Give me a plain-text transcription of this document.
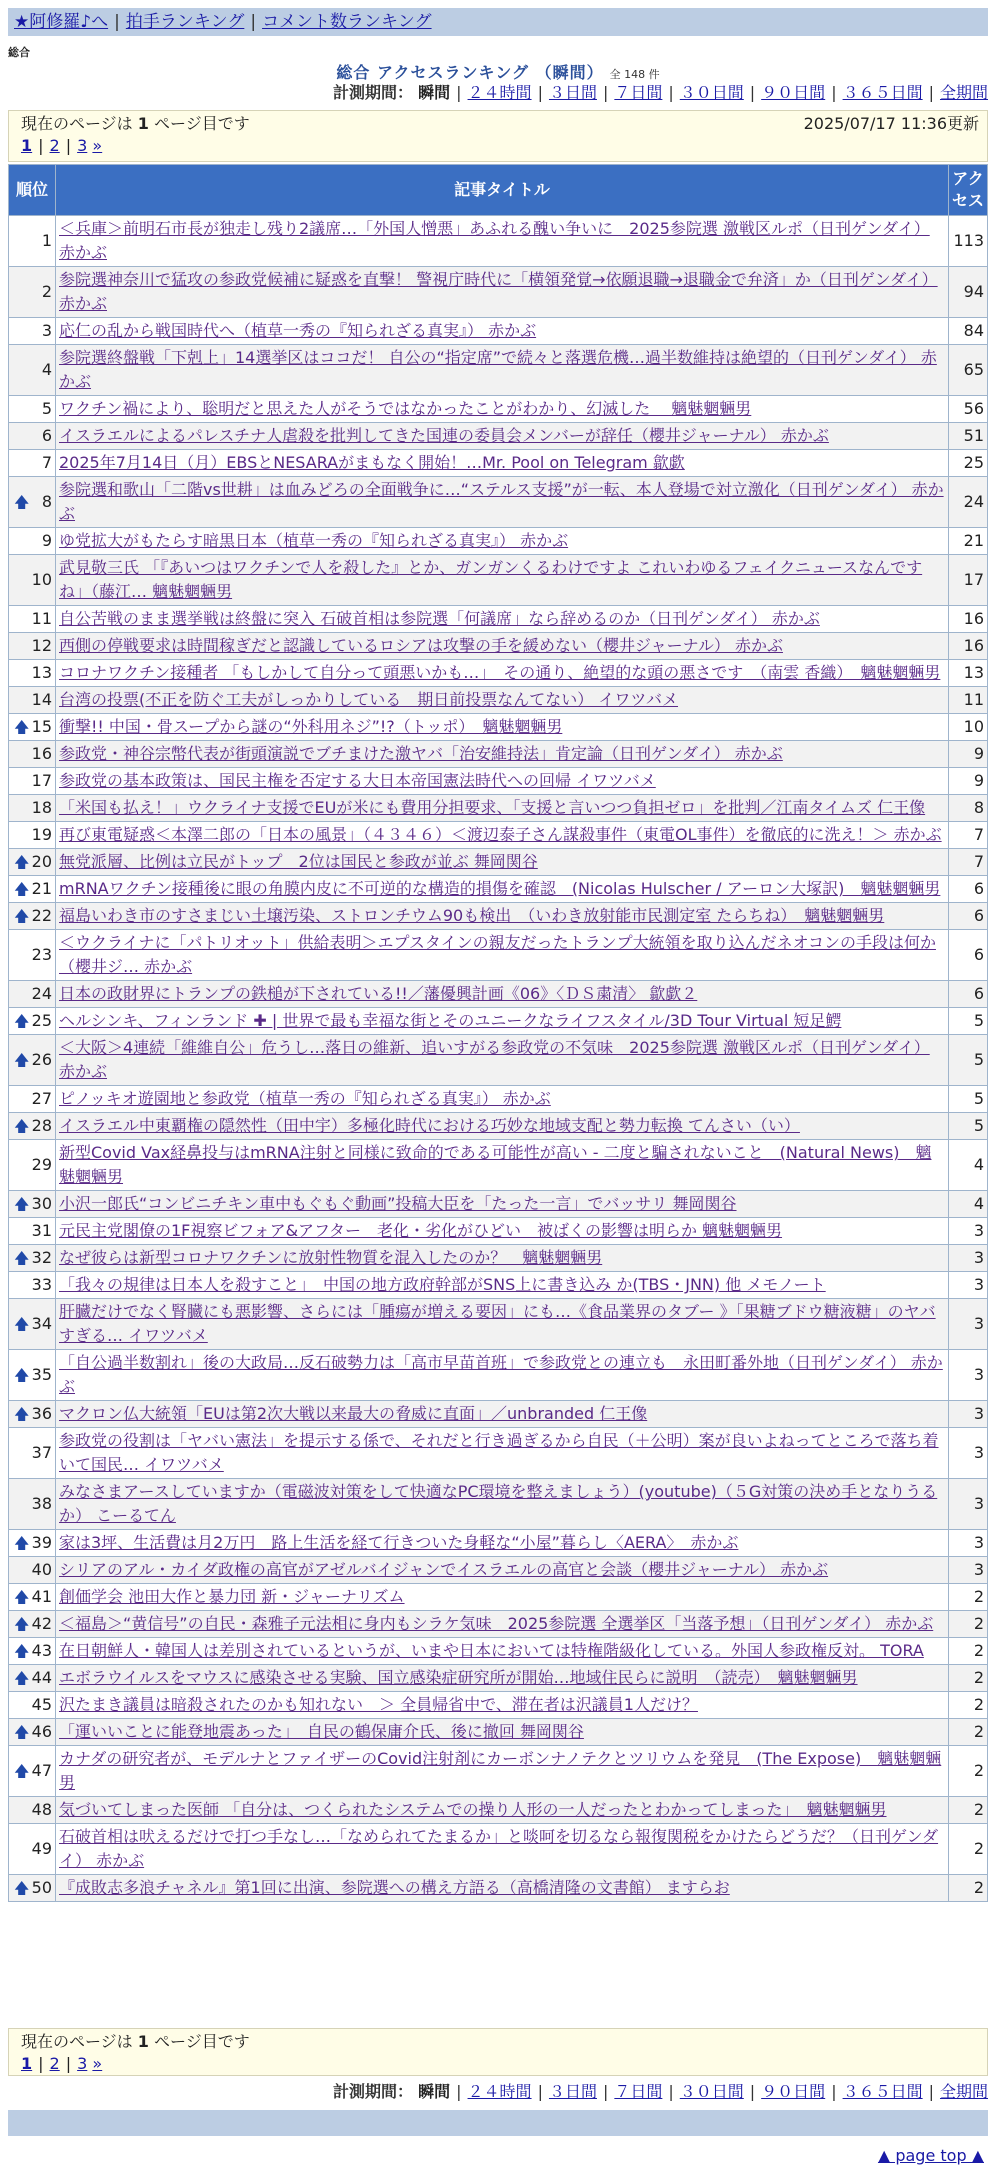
★阿修羅♪へ | 拍手ランキング | コメント数ランキング
総合
総合 アクセスランキング （瞬間） 全 148 件
計測期間： 瞬間 | ２４時間 | ３日間 | ７日間 | ３０日間 | ９０日間 | ３６５日間 | 全期間
現在のページは 1 ページ目です	2025/07/17 11:36更新
1 | 2 | 3 »
順位	記事タイトル	アクセス
1	＜兵庫＞前明石市長が独走し残り2議席…「外国人憎悪」あふれる醜い争いに　2025参院選 激戦区ルポ（日刊ゲンダイ） 赤かぶ	113
2	参院選神奈川で猛攻の参政党候補に疑惑を直撃！ 警視庁時代に「横領発覚→依願退職→退職金で弁済」か（日刊ゲンダイ） 赤かぶ	94
3	応仁の乱から戦国時代へ（植草一秀の『知られざる真実』） 赤かぶ	84
4	参院選終盤戦「下剋上」14選挙区はココだ！ 自公の“指定席”で続々と落選危機…過半数維持は絶望的（日刊ゲンダイ） 赤かぶ	65
5	ワクチン禍により、聡明だと思えた人がそうではなかったことがわかり、幻滅した　 魑魅魍魎男	56
6	イスラエルによるパレスチナ人虐殺を批判してきた国連の委員会メンバーが辞任（櫻井ジャーナル） 赤かぶ	51
7	2025年7月14日（月）EBSとNESARAがまもなく開始！…Mr. Pool on Telegram 歙歔	25

🡅 8	参院選和歌山「二階vs世耕」は血みどろの全面戦争に…“ステルス支援”が一転、本人登場で対立激化（日刊ゲンダイ） 赤かぶ	24
9	ゆ党拡大がもたらす暗黒日本（植草一秀の『知られざる真実』） 赤かぶ	21
10	武見敬三氏 「『あいつはワクチンで人を殺した』とか、ガンガンくるわけですよ これいわゆるフェイクニュースなんですね」（藤江… 魑魅魍魎男	17
11	自公苦戦のまま選挙戦は終盤に突入 石破首相は参院選「何議席」なら辞めるのか（日刊ゲンダイ） 赤かぶ	16
12	西側の停戦要求は時間稼ぎだと認識しているロシアは攻撃の手を緩めない（櫻井ジャーナル） 赤かぶ	16
13	コロナワクチン接種者 「もしかして自分って頭悪いかも…」　その通り、絶望的な頭の悪さです　（南雲 香織）　魑魅魍魎男	13
14	台湾の投票(不正を防ぐ工夫がしっかりしている　期日前投票なんてない） イワツバメ	11

🡅 15	衝撃!! 中国・骨スープから謎の“外科用ネジ”!?（トッポ）　魑魅魍魎男	10
16	参政党・神谷宗幣代表が街頭演説でブチまけた激ヤバ「治安維持法」肯定論（日刊ゲンダイ） 赤かぶ	9
17	参政党の基本政策は、国民主権を否定する大日本帝国憲法時代への回帰 イワツバメ	9
18	「米国も払え！」ウクライナ支援でEUが米にも費用分担要求、「支援と言いつつ負担ゼロ」を批判／江南タイムズ 仁王像	8
19	再び東電疑惑＜本澤二郎の「日本の風景」（４３４６）＜渡辺泰子さん謀殺事件（東電OL事件）を徹底的に洗え！＞ 赤かぶ	7

🡅 20	無党派層、比例は立民がトップ　2位は国民と参政が並ぶ 舞岡関谷	7

🡅 21	mRNAワクチン接種後に眼の角膜内皮に不可逆的な構造的損傷を確認　(Nicolas Hulscher / アーロン大塚訳)　魑魅魍魎男	6

🡅 22	福島いわき市のすさまじい土壌汚染、ストロンチウム90も検出　（いわき放射能市民測定室 たらちね）　魑魅魍魎男	6
23	＜ウクライナに「パトリオット」供給表明＞エプスタインの親友だったトランプ大統領を取り込んだネオコンの手段は何か（櫻井ジ… 赤かぶ	6
24	日本の政財界にトランプの鉄槌が下されている!!／藩優興計画《06》〈ＤＳ粛清〉 歙歔２	6

🡅 25	ヘルシンキ、フィンランド ✚ | 世界で最も幸福な街とそのユニークなライフスタイル/3D Tour Virtual 短足鰐	5

🡅 26	＜大阪＞4連続「維維自公」危うし…落日の維新、追いすがる参政党の不気味　2025参院選 激戦区ルポ（日刊ゲンダイ） 赤かぶ	5
27	ピノッキオ遊園地と参政党（植草一秀の『知られざる真実』） 赤かぶ	5

🡅 28	イスラエル中東覇権の隠然性（田中宇）多極化時代における巧妙な地域支配と勢力転換 てんさい（い）	5
29	新型Covid Vax経鼻投与はmRNA注射と同様に致命的である可能性が高い - 二度と騙されないこと　(Natural News)　魑魅魍魎男	4

🡅 30	小沢一郎氏“コンビニチキン車中もぐもぐ動画”投稿大臣を「たった一言」でバッサリ 舞岡関谷	4
31	元民主党閣僚の1F視察ビフォア&アフター　老化・劣化がひどい　被ばくの影響は明らか 魑魅魍魎男	3

🡅 32	なぜ彼らは新型コロナワクチンに放射性物質を混入したのか？　魑魅魍魎男	3
33	「我々の規律は日本人を殺すこと」　中国の地方政府幹部がSNS上に書き込み か(TBS・JNN) 他 メモノート	3

🡅 34	肝臓だけでなく腎臓にも悪影響、さらには「腫瘍が増える要因」にも…《食品業界のタブー 》「果糖ブドウ糖液糖」のヤバすぎる… イワツバメ	3

🡅 35	「自公過半数割れ」後の大政局…反石破勢力は「高市早苗首班」で参政党との連立も　永田町番外地（日刊ゲンダイ） 赤かぶ	3

🡅 36	マクロン仏大統領「EUは第2次大戦以来最大の脅威に直面」／unbranded 仁王像	3
37	参政党の役割は「ヤバい憲法」を提示する係で、それだと行き過ぎるから自民（＋公明）案が良いよねってところで落ち着いて国民… イワツバメ	3
38	みなさまアースしていますか（電磁波対策をして快適なPC環境を整えましょう）(youtube)（５G対策の決め手となりうるか） こーるてん	3

🡅 39	家は3坪、生活費は月2万円　路上生活を経て行きついた身軽な“小屋”暮らし〈AERA〉　赤かぶ	3
40	シリアのアル・カイダ政権の高官がアゼルバイジャンでイスラエルの高官と会談（櫻井ジャーナル） 赤かぶ	3

🡅 41	創価学会 池田大作と暴力団 新・ジャーナリズム	2

🡅 42	＜福島＞“黄信号”の自民・森雅子元法相に身内もシラケ気味　2025参院選 全選挙区「当落予想」（日刊ゲンダイ） 赤かぶ	2

🡅 43	在日朝鮮人・韓国人は差別されているというが、いまや日本においては特権階級化している。外国人参政権反対。 TORA	2

🡅 44	エボラウイルスをマウスに感染させる実験、国立感染症研究所が開始…地域住民らに説明　（読売）　魑魅魍魎男	2
45	沢たまき議員は暗殺されたのかも知れない　＞ 全員帰省中で、滞在者は沢議員1人だけ？	2

🡅 46	「運いいことに能登地震あった」　自民の鶴保庸介氏、後に撤回 舞岡関谷	2

🡅 47	カナダの研究者が、モデルナとファイザーのCovid注射剤にカーボンナノテクとツリウムを発見　(The Expose)　魑魅魍魎男	2
48	気づいてしまった医師 「自分は、つくられたシステムでの操り人形の一人だったとわかってしまった」　魑魅魍魎男	2
49	石破首相は吠えるだけで打つ手なし…「なめられてたまるか」と啖呵を切るなら報復関税をかけたらどうだ？（日刊ゲンダイ） 赤かぶ	2

🡅 50	『成敗志多浪チャネル』第1回に出演、参院選への構え方語る（高橋清隆の文書館） ますらお	2
現在のページは 1 ページ目です
1 | 2 | 3 »
計測期間： 瞬間 | ２４時間 | ３日間 | ７日間 | ３０日間 | ９０日間 | ３６５日間 | 全期間
▲ page top ▲
